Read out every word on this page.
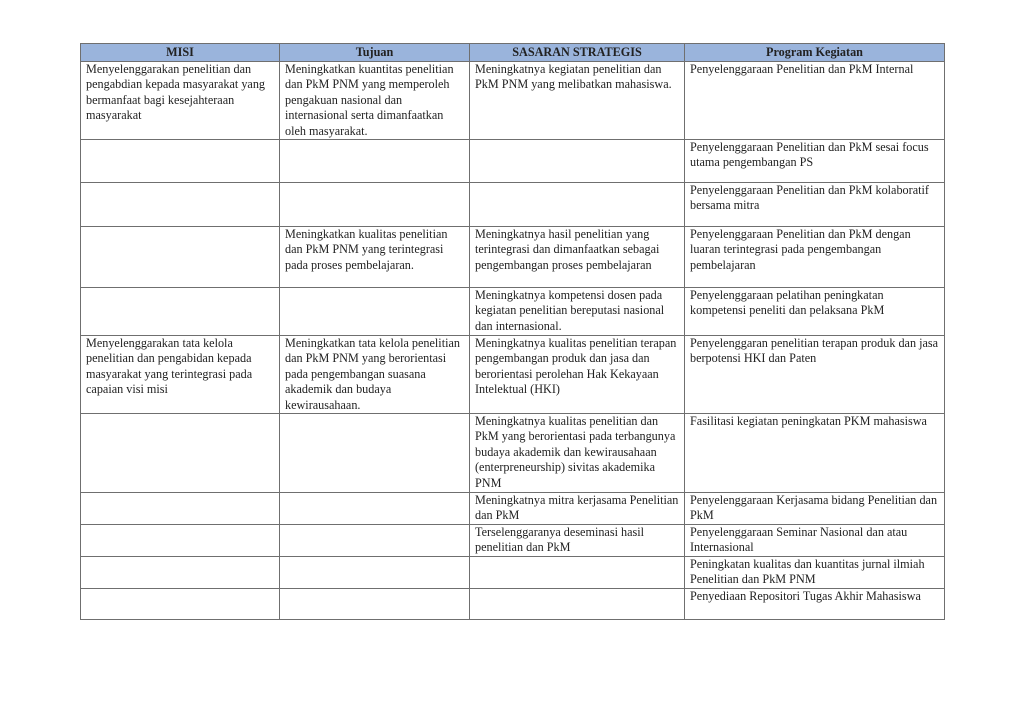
MISI	Tujuan	SASARAN STRATEGIS	Program Kegiatan
Menyelenggarakan penelitian dan pengabdian kepada masyarakat yang bermanfaat bagi kesejahteraan masyarakat	Meningkatkan kuantitas penelitian dan PkM PNM yang memperoleh pengakuan nasional dan internasional serta dimanfaatkan oleh masyarakat.	Meningkatnya kegiatan penelitian dan PkM PNM yang melibatkan mahasiswa.	Penyelenggaraan Penelitian dan PkM Internal
			Penyelenggaraan Penelitian dan PkM sesai focus utama pengembangan PS
			Penyelenggaraan Penelitian dan PkM kolaboratif bersama mitra
	Meningkatkan kualitas penelitian dan PkM PNM yang terintegrasi pada proses pembelajaran.	Meningkatnya hasil penelitian yang terintegrasi dan dimanfaatkan sebagai pengembangan proses pembelajaran	Penyelenggaraan Penelitian dan PkM dengan luaran terintegrasi pada pengembangan pembelajaran
		Meningkatnya kompetensi dosen pada kegiatan penelitian bereputasi nasional dan internasional.	Penyelenggaraan pelatihan peningkatan kompetensi peneliti dan pelaksana PkM
Menyelenggarakan tata kelola penelitian dan pengabidan kepada masyarakat yang terintegrasi pada capaian visi misi	Meningkatkan tata kelola penelitian dan PkM PNM yang berorientasi pada pengembangan suasana akademik dan budaya kewirausahaan.	Meningkatnya kualitas penelitian terapan pengembangan produk dan jasa dan berorientasi perolehan Hak Kekayaan Intelektual (HKI)	Penyelenggaran penelitian terapan produk dan jasa berpotensi HKI dan Paten
		Meningkatnya kualitas penelitian dan PkM yang berorientasi pada terbangunya budaya akademik dan kewirausahaan (enterpreneurship) sivitas akademika PNM	Fasilitasi kegiatan peningkatan PKM mahasiswa
		Meningkatnya mitra kerjasama Penelitian dan PkM	Penyelenggaraan Kerjasama bidang Penelitian dan PkM
		Terselenggaranya deseminasi hasil penelitian dan PkM	Penyelenggaraan Seminar Nasional dan atau Internasional
			Peningkatan kualitas dan kuantitas jurnal ilmiah Penelitian dan PkM PNM
			Penyediaan Repositori Tugas Akhir Mahasiswa
